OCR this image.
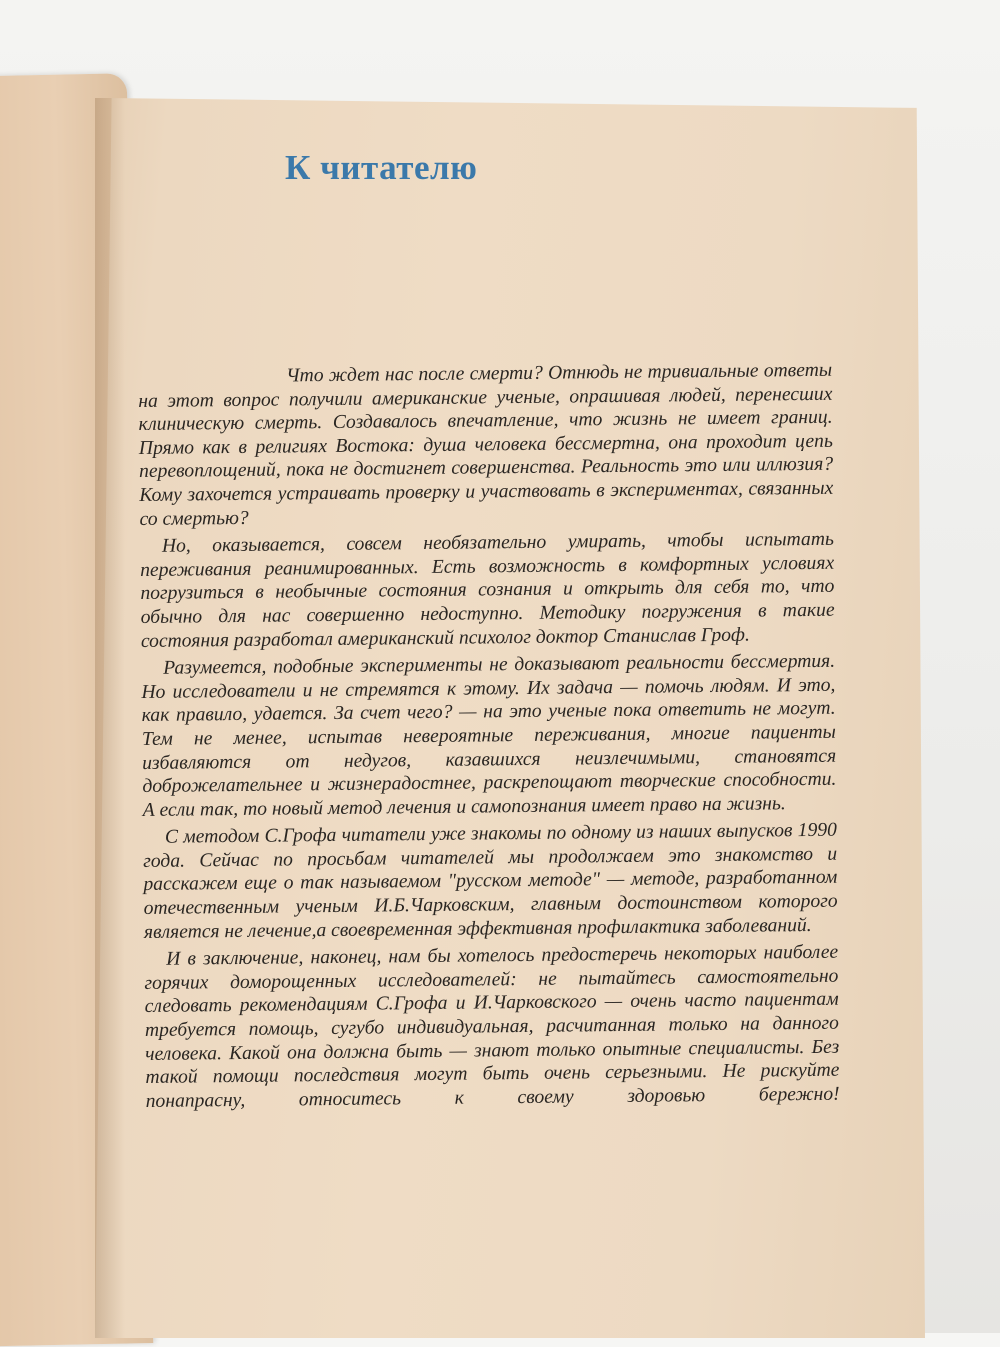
К читателю

Что ждет нас после смерти? Отнюдь не тривиальные ответы на этот вопрос получили американские ученые, опрашивая людей, перенесших клиническую смерть. Создавалось впечатление, что жизнь не имеет границ. Прямо как в религиях Востока: душа человека бессмертна, она проходит цепь перевоплощений, пока не достигнет совершенства. Реальность это или иллюзия? Кому захочется устраивать проверку и участвовать в экспериментах, связанных со смертью?

Но, оказывается, совсем необязательно умирать, чтобы испытать переживания реанимированных. Есть возможность в комфортных условиях погрузиться в необычные состояния сознания и открыть для себя то, что обычно для нас совершенно недоступно. Методику погружения в такие состояния разработал американский психолог доктор Станислав Гроф.

Разумеется, подобные эксперименты не доказывают реальности бессмертия. Но исследователи и не стремятся к этому. Их задача — помочь людям. И это, как правило, удается. За счет чего? — на это ученые пока ответить не могут. Тем не менее, испытав невероятные переживания, многие пациенты избавляются от недугов, казавшихся неизлечимыми, становятся доброжелательнее и жизнерадостнее, раскрепощают творческие способности. А если так, то новый метод лечения и самопознания имеет право на жизнь.

С методом С.Грофа читатели уже знакомы по одному из наших выпусков 1990 года. Сейчас по просьбам читателей мы продолжаем это знакомство и расскажем еще о так называемом "русском методе" — методе, разработанном отечественным ученым И.Б.Чарковским, главным достоинством которого является не лечение,а своевременная эффективная профилактика заболеваний.

И в заключение, наконец, нам бы хотелось предостеречь некоторых наиболее горячих доморощенных исследователей: не пытайтесь самостоятельно следовать рекомендациям С.Грофа и И.Чарковского — очень часто пациентам требуется помощь, сугубо индивидуальная, расчитанная только на данного человека. Какой она должна быть — знают только опытные специалисты. Без такой помощи последствия могут быть очень серьезными. Не рискуйте понапрасну, относитесь к своему здоровью бережно!
